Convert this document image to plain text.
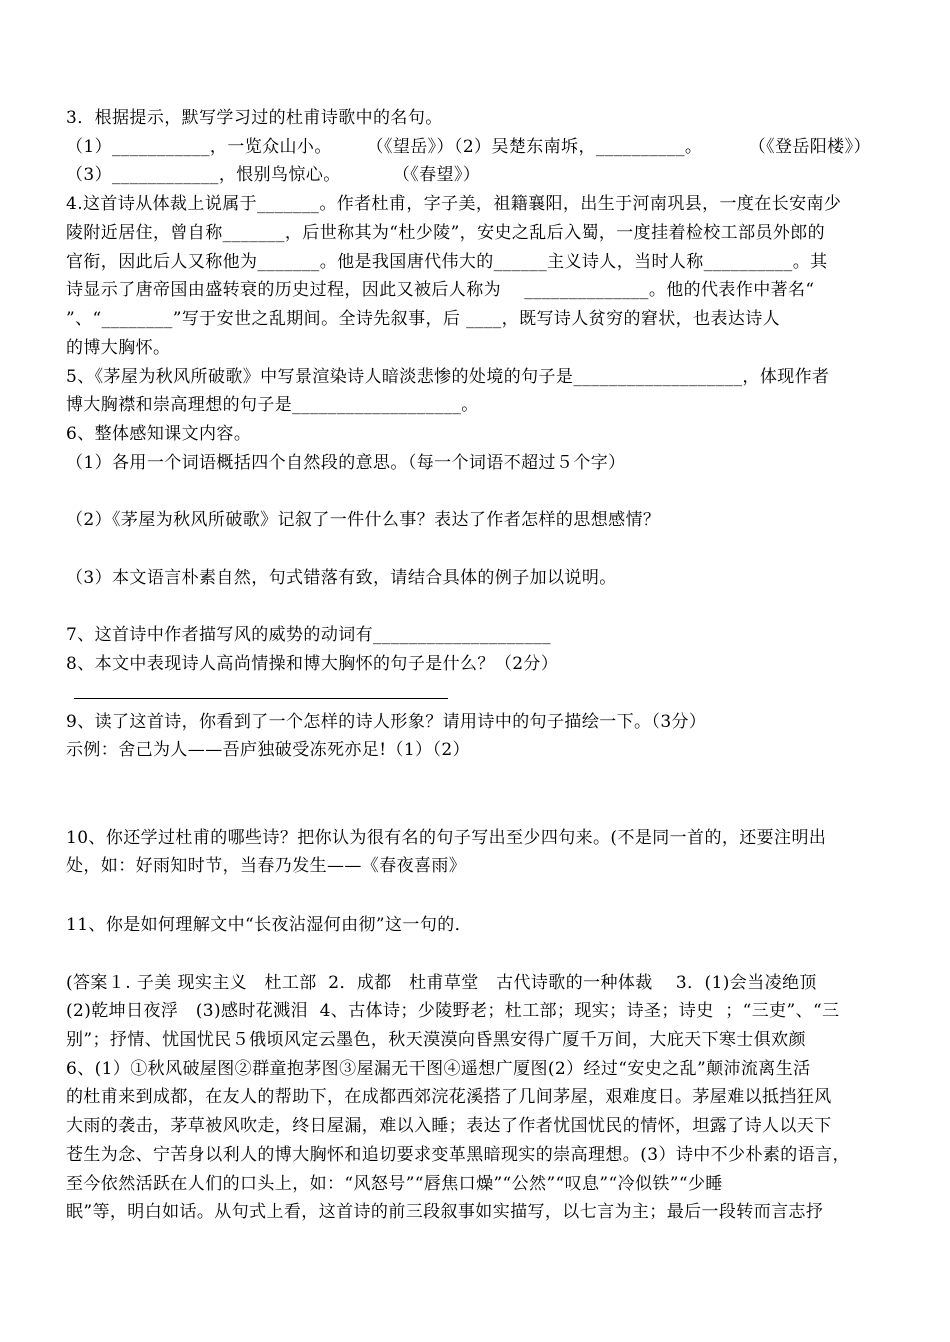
3．根据提示，默写学习过的杜甫诗歌中的名句。
（1）___________，一览众山小。      （《望岳》）（2）吴楚东南坼，__________。        （《登岳阳楼》）
（3）____________，恨别鸟惊心。         （《春望》）
4.这首诗从体裁上说属于_______。作者杜甫，字子美，祖籍襄阳，出生于河南巩县，一度在长安南少
陵附近居住，曾自称_______，后世称其为“杜少陵”，安史之乱后入蜀，一度挂着检校工部员外郎的
官衔，因此后人又称他为_______。他是我国唐代伟大的______主义诗人，当时人称__________。其
诗显示了唐帝国由盛转衰的历史过程，因此又被后人称为    ______________。他的代表作中著名“
”、“________”写于安世之乱期间。全诗先叙事，后 ____，既写诗人贫穷的窘状，也表达诗人
的博大胸怀。
5、《茅屋为秋风所破歌》中写景渲染诗人暗淡悲惨的处境的句子是___________________，体现作者
博大胸襟和崇高理想的句子是___________________。
6、整体感知课文内容。
（1）各用一个词语概括四个自然段的意思。（每一个词语不超过５个字）
（2）《茅屋为秋风所破歌》记叙了一件什么事？表达了作者怎样的思想感情？
（3）本文语言朴素自然，句式错落有致，请结合具体的例子加以说明。
7、这首诗中作者描写风的威势的动词有____________________
8、本文中表现诗人高尚情操和博大胸怀的句子是什么？（2分）
9、读了这首诗，你看到了一个怎样的诗人形象？请用诗中的句子描绘一下。（3分）
示例：舍己为人——吾庐独破受冻死亦足!（1）（2）
10、你还学过杜甫的哪些诗？把你认为很有名的句子写出至少四句来。(不是同一首的，还要注明出
处，如：好雨知时节，当春乃发生——《春夜喜雨》
11、你是如何理解文中“长夜沾湿何由彻”这一句的．
(答案１. 子美 现实主义   杜工部  2．成都   杜甫草堂   古代诗歌的一种体裁    3．(1)会当凌绝顶
(2)乾坤日夜浮   (3)感时花溅泪  4、古体诗；少陵野老；杜工部；现实；诗圣；诗史  ；“三吏”、“三
别”；抒情、忧国忧民５俄顷风定云墨色，秋天漠漠向昏黑安得广厦千万间，大庇天下寒士俱欢颜
6、(1）①秋风破屋图②群童抱茅图③屋漏无干图④遥想广厦图(2）经过“安史之乱”颠沛流离生活
的杜甫来到成都，在友人的帮助下，在成都西郊浣花溪搭了几间茅屋，艰难度日。茅屋难以抵挡狂风
大雨的袭击，茅草被风吹走，终日屋漏，难以入睡；表达了作者忧国忧民的情怀，坦露了诗人以天下
苍生为念、宁苦身以利人的博大胸怀和追切要求变革黑暗现实的崇高理想。(3）诗中不少朴素的语言，
至今依然活跃在人们的口头上，如：“风怒号”“唇焦口燥”“公然”“叹息”“冷似铁”“少睡
眠”等，明白如话。从句式上看，这首诗的前三段叙事如实描写，以七言为主；最后一段转而言志抒
